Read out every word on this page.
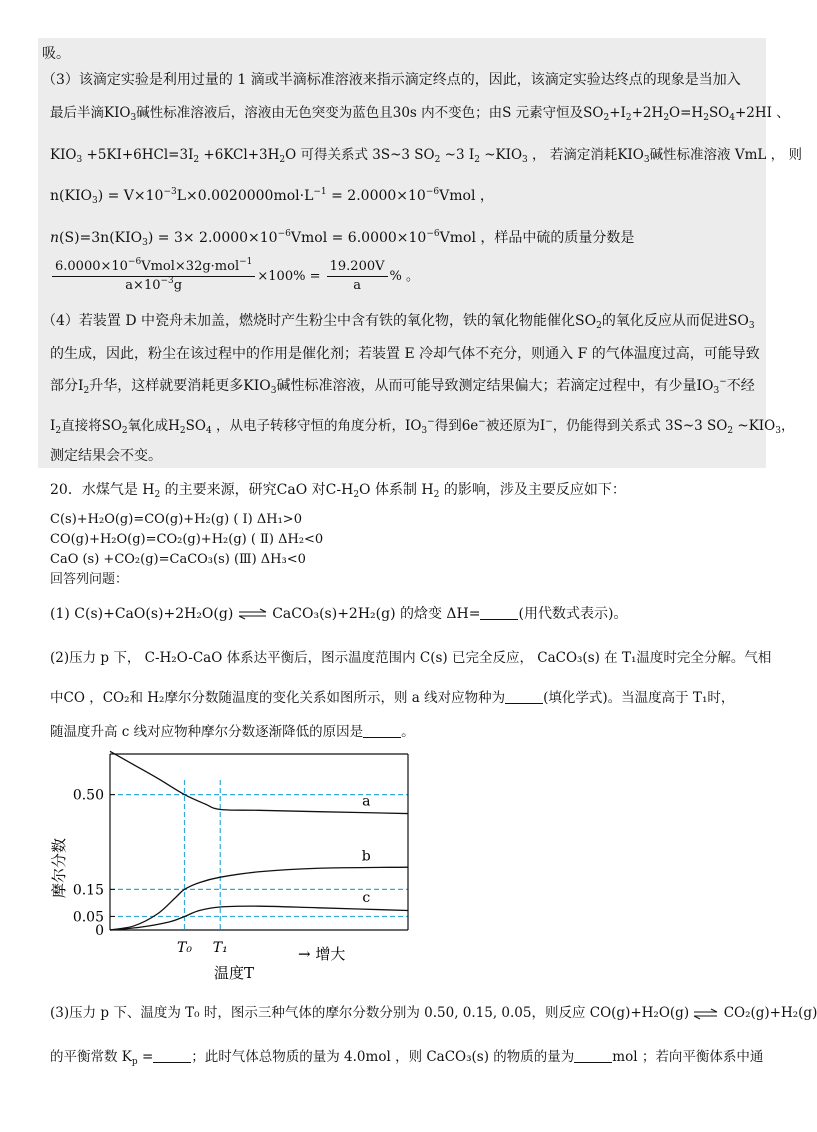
吸。
（3）该滴定实验是利用过量的 1 滴或半滴标准溶液来指示滴定终点的，因此，该滴定实验达终点的现象是当加入
最后半滴$KIO_3$碱性标准溶液后，溶液由无色突变为蓝色且30s 内不变色；由S 元素守恒及$SO_2+I_2+2H_2O=H_2SO_4+2HI$ 、
$KIO_3 +5KI+6HCl=3I_2 +6KCl+3H_2O$ 可得关系式 3S~3 $SO_2$ ~3 $I_2$ $\sim KIO_3$ ， 若滴定消耗$KIO_3$碱性标准溶液 VmL ， 则
$n(KIO_3) = V\times 10^{-3}L\times 0.0020000mol\cdot L^{-1}$ = $2.0000\times 10^{-6}Vmol$ ，
$n(S)=3n(KIO_3) = 3\times$ $2.0000\times 10^{-6}Vmol$ = $6.0000\times 10^{-6}Vmol$ ，样品中硫的质量分数是
$\frac{6.0000\times 10^{-6}Vmol\times 32g\cdot mol^{-1}}{a\times 10^{-3}g} \times 100\% = \frac{19.200V}{a}$ % 。
（4）若装置 D 中瓷舟未加盖，燃烧时产生粉尘中含有铁的氧化物，铁的氧化物能催化$SO_2$的氧化反应从而促进$SO_3$
的生成，因此，粉尘在该过程中的作用是催化剂；若装置 E 冷却气体不充分，则通入 F 的气体温度过高，可能导致
部分$I_2$升华，这样就要消耗更多$KIO_3$碱性标准溶液，从而可能导致测定结果偏大；若滴定过程中，有少量$IO_3^-$不经
$I_2$直接将$SO_2$氧化成$H_2SO_4$ ，从电子转移守恒的角度分析，$IO_3^-$得到6e−被还原为I−，仍能得到关系式 3S~3 $SO_2$ $\sim KIO_3$，
测定结果会不变。
20．水煤气是 $H_2$ 的主要来源，研究CaO 对$C-H_2O$ 体系制 $H_2$ 的影响，涉及主要反应如下：
C(s)+H₂O(g)=CO(g)+H₂(g) ( Ⅰ) ΔH₁>0
CO(g)+H₂O(g)=CO₂(g)+H₂(g) ( Ⅱ) ΔH₂<0
CaO (s) +CO₂(g)=CaCO₃(s) (Ⅲ) ΔH₃<0
回答列问题：
(1) C(s)+CaO(s)+2H₂O(g) ⇌ CaCO₃(s)+2H₂(g) 的焓变 ΔH=	(用代数式表示)。
(2)压力 p 下， C-H₂O-CaO 体系达平衡后，图示温度范围内 C(s) 已完全反应， CaCO₃(s) 在 T₁温度时完全分解。气相
中CO ，CO₂和 H₂摩尔分数随温度的变化关系如图所示，则 a 线对应物种为	(填化学式)。当温度高于 T₁时，
随温度升高 c 线对应物种摩尔分数逐渐降低的原因是	。
0
0.05
0.15
0.50
T₀ T₁
a
b
c
摩尔分数
温度T
→ 增大
(3)压力 p 下、温度为 T₀ 时，图示三种气体的摩尔分数分别为 0.50, 0.15, 0.05，则反应 CO(g)+H₂O(g) ⇌ CO₂(g)+H₂(g)
的平衡常数 $K_p$ =	；此时气体总物质的量为 4.0mol ，则 CaCO₃(s) 的物质的量为	mol ；若向平衡体系中通
